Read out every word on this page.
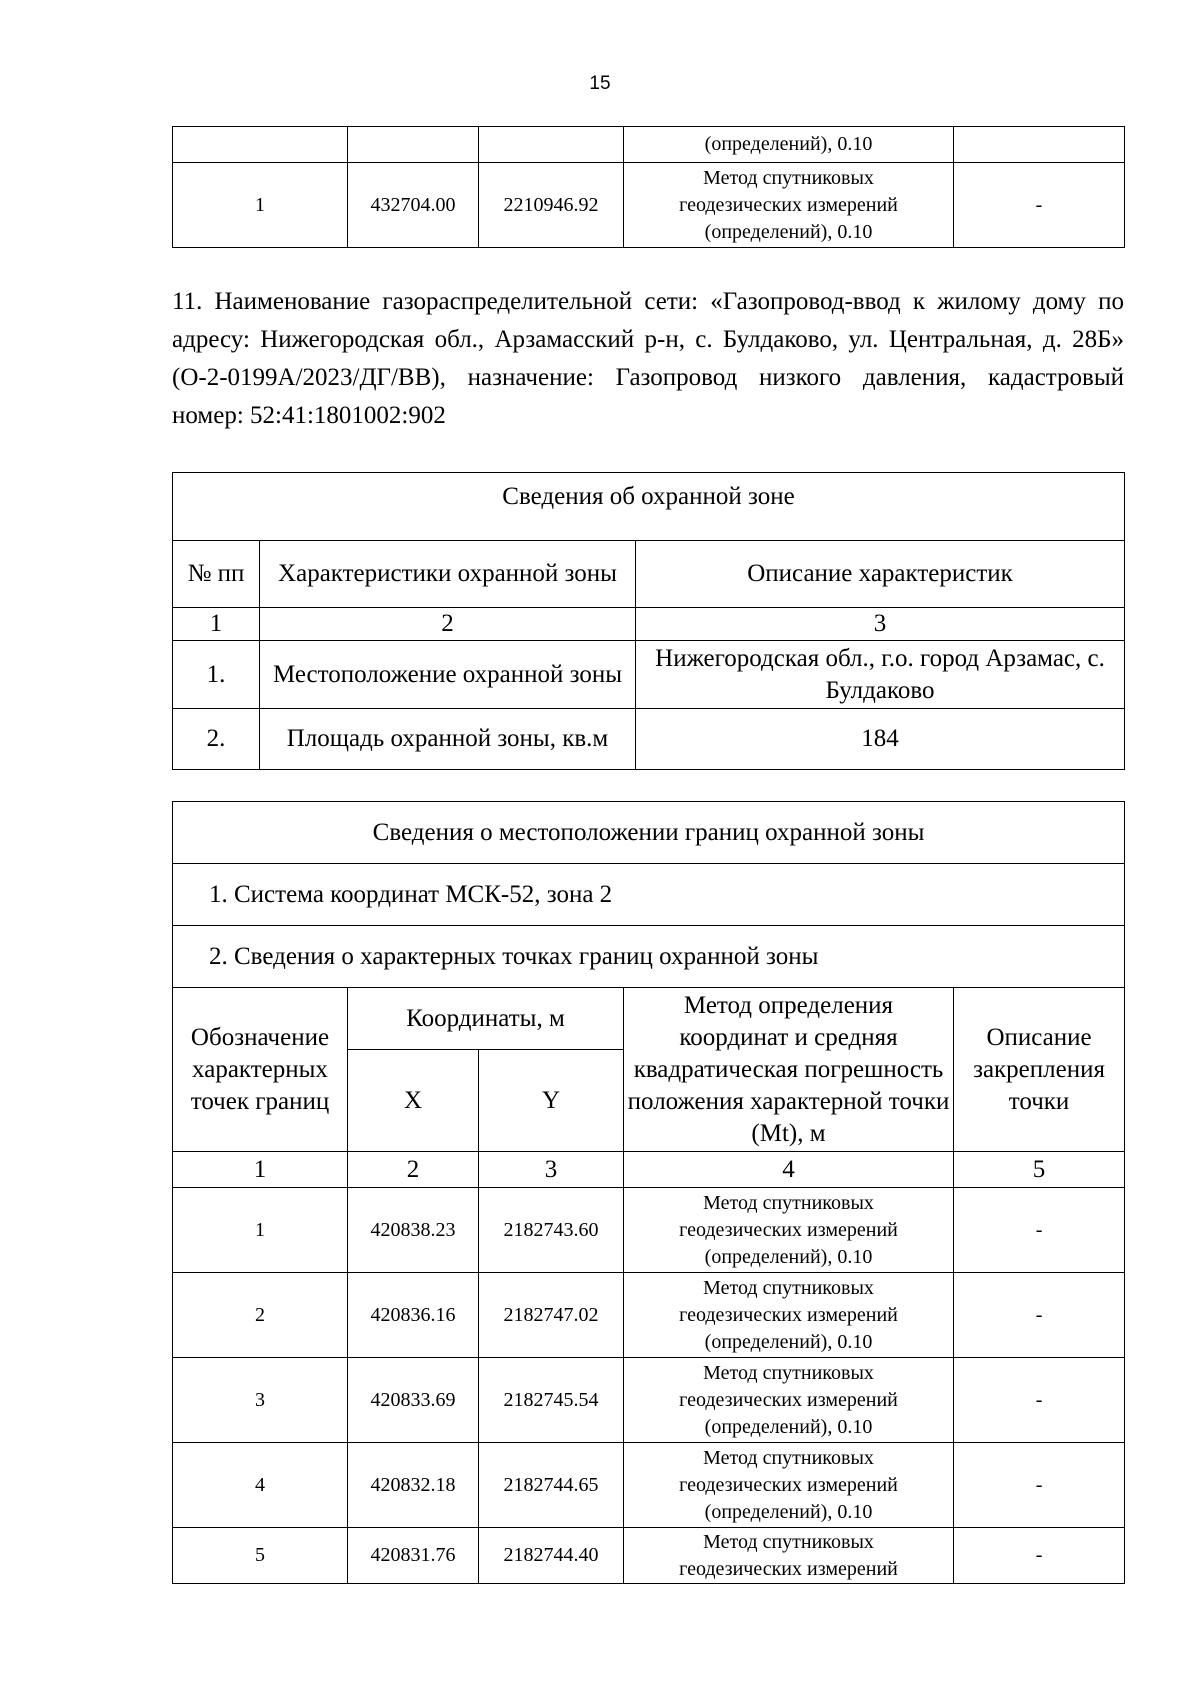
15
			(определений), 0.10	
1	432704.00	2210946.92	Метод спутниковых
геодезических измерений
(определений), 0.10	-
11. Наименование газораспределительной сети: «Газопровод-ввод к жилому дому по адресу: Нижегородская обл., Арзамасский р-н, с. Булдаково, ул. Центральная, д. 28Б» (О-2-0199А/2023/ДГ/ВВ), назначение: Газопровод низкого давления, кадастровый номер: 52:41:1801002:902
Сведения об охранной зоне		
№ пп	Характеристики охранной зоны	Описание характеристик
1	2	3
1.	Местоположение охранной зоны	Нижегородская обл., г.о. город Арзамас, с. Булдаково
2.	Площадь охранной зоны, кв.м	184
Сведения о местоположении границ охранной зоны				
1. Система координат МСК-52, зона 2				
2. Сведения о характерных точках границ охранной зоны				
Обозначение характерных точек границ	Координаты, м		Метод определения координат и средняя квадратическая погрешность положения характерной точки (Mt), м	Описание закрепления точки
	X	Y		
1	2	3	4	5
1	420838.23	2182743.60	Метод спутниковых
геодезических измерений
(определений), 0.10	-
2	420836.16	2182747.02	Метод спутниковых
геодезических измерений
(определений), 0.10	-
3	420833.69	2182745.54	Метод спутниковых
геодезических измерений
(определений), 0.10	-
4	420832.18	2182744.65	Метод спутниковых
геодезических измерений
(определений), 0.10	-
5	420831.76	2182744.40	Метод спутниковых
геодезических измерений	-
